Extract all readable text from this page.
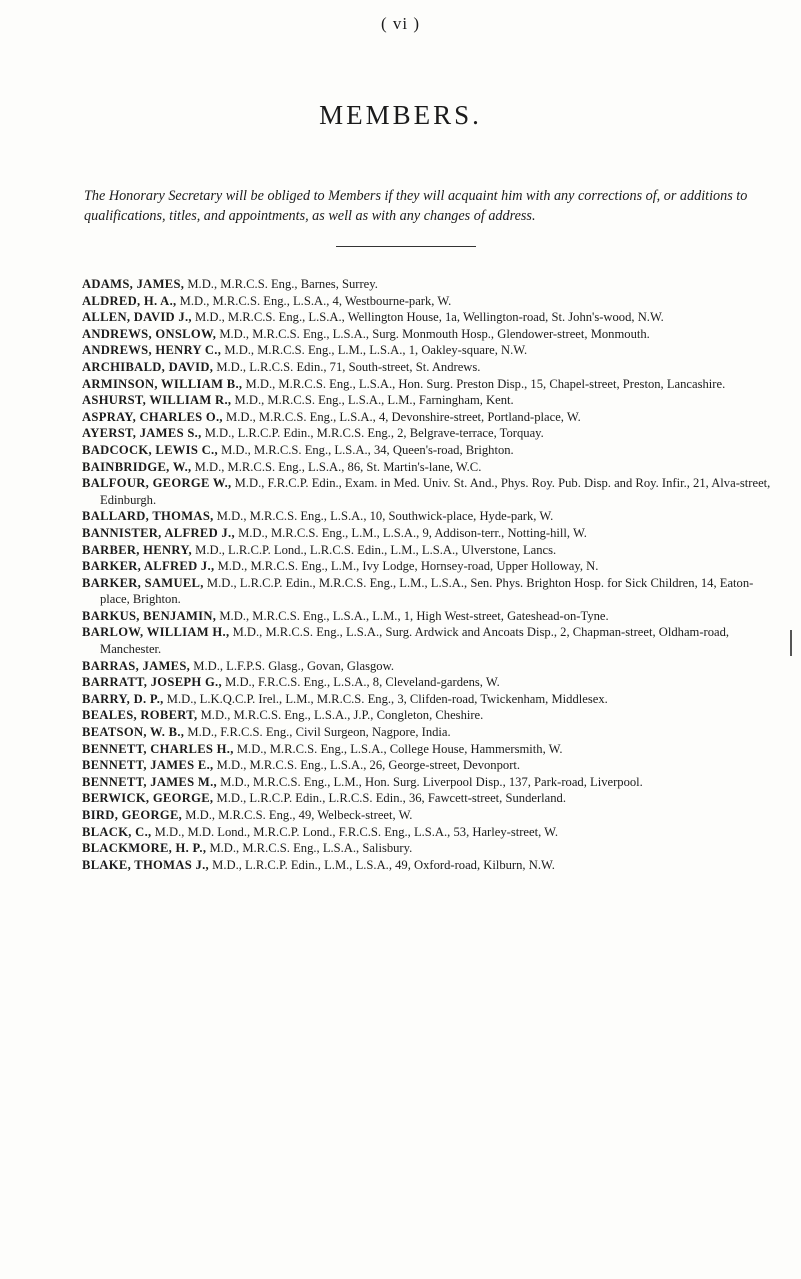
( vi )
MEMBERS.
The Honorary Secretary will be obliged to Members if they will acquaint him with any corrections of, or additions to qualifications, titles, and appointments, as well as with any changes of address.

ADAMS, JAMES, M.D., M.R.C.S. Eng., Barnes, Surrey.

ALDRED, H. A., M.D., M.R.C.S. Eng., L.S.A., 4, Westbourne-park, W.

ALLEN, DAVID J., M.D., M.R.C.S. Eng., L.S.A., Wellington House, 1a, Wellington-road, St. John's-wood, N.W.

ANDREWS, ONSLOW, M.D., M.R.C.S. Eng., L.S.A., Surg. Monmouth Hosp., Glendower-street, Monmouth.

ANDREWS, HENRY C., M.D., M.R.C.S. Eng., L.M., L.S.A., 1, Oakley-square, N.W.

ARCHIBALD, DAVID, M.D., L.R.C.S. Edin., 71, South-street, St. Andrews.

ARMINSON, WILLIAM B., M.D., M.R.C.S. Eng., L.S.A., Hon. Surg. Preston Disp., 15, Chapel-street, Preston, Lancashire.

ASHURST, WILLIAM R., M.D., M.R.C.S. Eng., L.S.A., L.M., Farningham, Kent.

ASPRAY, CHARLES O., M.D., M.R.C.S. Eng., L.S.A., 4, Devonshire-street, Portland-place, W.

AYERST, JAMES S., M.D., L.R.C.P. Edin., M.R.C.S. Eng., 2, Belgrave-terrace, Torquay.

BADCOCK, LEWIS C., M.D., M.R.C.S. Eng., L.S.A., 34, Queen's-road, Brighton.

BAINBRIDGE, W., M.D., M.R.C.S. Eng., L.S.A., 86, St. Martin's-lane, W.C.

BALFOUR, GEORGE W., M.D., F.R.C.P. Edin., Exam. in Med. Univ. St. And., Phys. Roy. Pub. Disp. and Roy. Infir., 21, Alva-street, Edinburgh.

BALLARD, THOMAS, M.D., M.R.C.S. Eng., L.S.A., 10, Southwick-place, Hyde-park, W.

BANNISTER, ALFRED J., M.D., M.R.C.S. Eng., L.M., L.S.A., 9, Addison-terr., Notting-hill, W.

BARBER, HENRY, M.D., L.R.C.P. Lond., L.R.C.S. Edin., L.M., L.S.A., Ulverstone, Lancs.

BARKER, ALFRED J., M.D., M.R.C.S. Eng., L.M., Ivy Lodge, Hornsey-road, Upper Holloway, N.

BARKER, SAMUEL, M.D., L.R.C.P. Edin., M.R.C.S. Eng., L.M., L.S.A., Sen. Phys. Brighton Hosp. for Sick Children, 14, Eaton-place, Brighton.

BARKUS, BENJAMIN, M.D., M.R.C.S. Eng., L.S.A., L.M., 1, High West-street, Gateshead-on-Tyne.

BARLOW, WILLIAM H., M.D., M.R.C.S. Eng., L.S.A., Surg. Ardwick and Ancoats Disp., 2, Chapman-street, Oldham-road, Manchester.

BARRAS, JAMES, M.D., L.F.P.S. Glasg., Govan, Glasgow.

BARRATT, JOSEPH G., M.D., F.R.C.S. Eng., L.S.A., 8, Cleveland-gardens, W.

BARRY, D. P., M.D., L.K.Q.C.P. Irel., L.M., M.R.C.S. Eng., 3, Clifden-road, Twickenham, Middlesex.

BEALES, ROBERT, M.D., M.R.C.S. Eng., L.S.A., J.P., Congleton, Cheshire.

BEATSON, W. B., M.D., F.R.C.S. Eng., Civil Surgeon, Nagpore, India.

BENNETT, CHARLES H., M.D., M.R.C.S. Eng., L.S.A., College House, Hammersmith, W.

BENNETT, JAMES E., M.D., M.R.C.S. Eng., L.S.A., 26, George-street, Devonport.

BENNETT, JAMES M., M.D., M.R.C.S. Eng., L.M., Hon. Surg. Liverpool Disp., 137, Park-road, Liverpool.

BERWICK, GEORGE, M.D., L.R.C.P. Edin., L.R.C.S. Edin., 36, Fawcett-street, Sunderland.

BIRD, GEORGE, M.D., M.R.C.S. Eng., 49, Welbeck-street, W.

BLACK, C., M.D., M.D. Lond., M.R.C.P. Lond., F.R.C.S. Eng., L.S.A., 53, Harley-street, W.

BLACKMORE, H. P., M.D., M.R.C.S. Eng., L.S.A., Salisbury.

BLAKE, THOMAS J., M.D., L.R.C.P. Edin., L.M., L.S.A., 49, Oxford-road, Kilburn, N.W.
